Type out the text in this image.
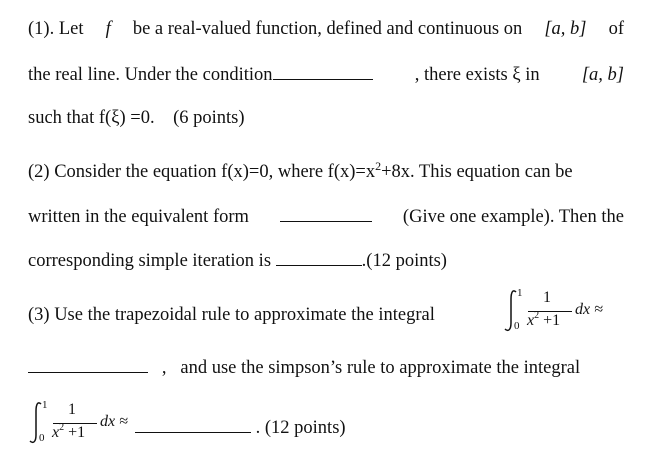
(1). Let f be a real-valued function, defined and continuous on [a, b] of
the real line. Under the condition	, there exists ξ in [a, b]
such that f(ξ) =0. (6 points)
(2) Consider the equation f(x)=0, where $f(x)=x^2+8x$. This equation can be
written in the equivalent form	(Give one example). Then the
corresponding simple iteration is	.(12 points)
(3) Use the trapezoidal rule to approximate the integral
1
0
1
$x^2 +1$
dx ≈
, and use the simpson’s rule to approximate the integral
1
0
1
$x^2 +1$
dx ≈	. (12 points)
